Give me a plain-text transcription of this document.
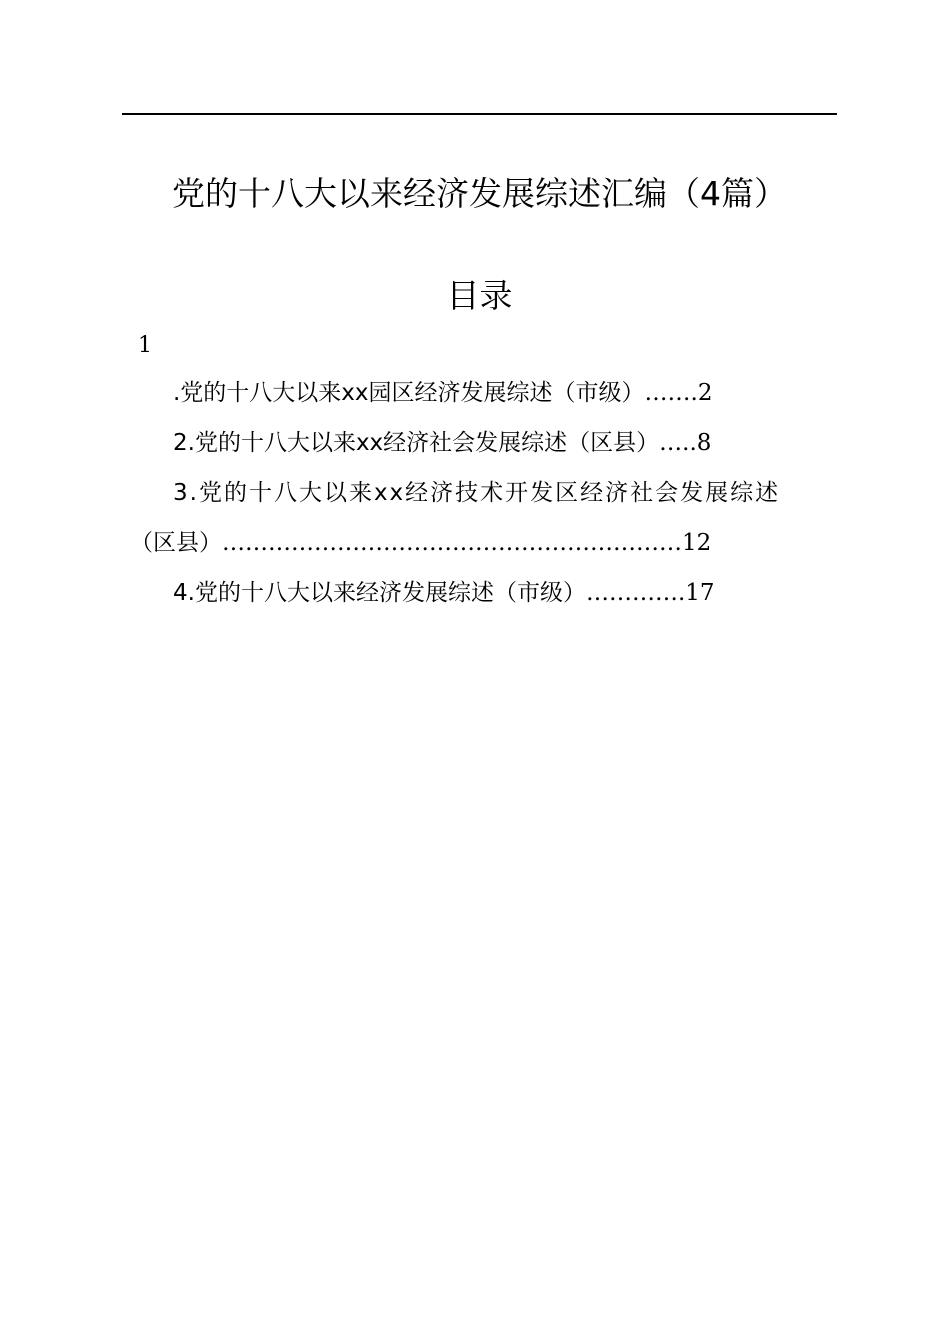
党的十八大以来经济发展综述汇编（4篇）
目录
1
.党的十八大以来xx园区经济发展综述（市级）…….2
2.党的十八大以来xx经济社会发展综述（区县）…..8
3.党的十八大以来xx经济技术开发区经济社会发展综述
（区县）……………………………………………………12
4.党的十八大以来经济发展综述（市级）………….17
